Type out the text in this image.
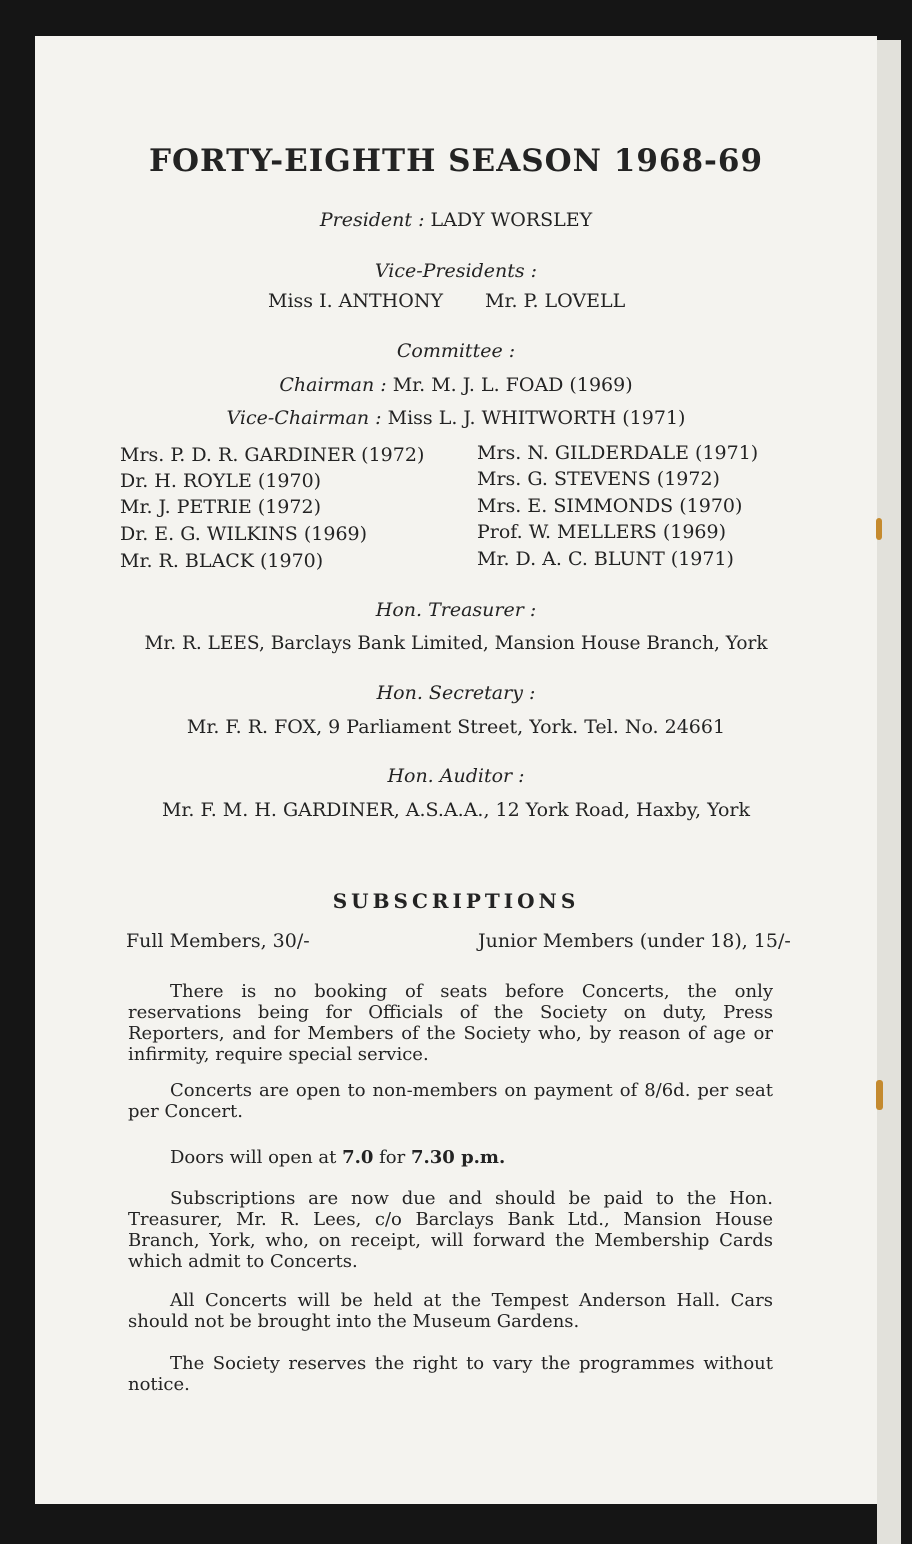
FORTY-EIGHTH SEASON 1968-69
President : LADY WORSLEY
Vice-Presidents :
Miss I. ANTHONY Mr. P. LOVELL
Committee :
Chairman : Mr. M. J. L. FOAD (1969)
Vice-Chairman : Miss L. J. WHITWORTH (1971)
Mrs. P. D. R. GARDINER (1972)
Dr. H. ROYLE (1970)
Mr. J. PETRIE (1972)
Dr. E. G. WILKINS (1969)
Mr. R. BLACK (1970)
Mrs. N. GILDERDALE (1971)
Mrs. G. STEVENS (1972)
Mrs. E. SIMMONDS (1970)
Prof. W. MELLERS (1969)
Mr. D. A. C. BLUNT (1971)
Hon. Treasurer :
Mr. R. LEES, Barclays Bank Limited, Mansion House Branch, York
Hon. Secretary :
Mr. F. R. FOX, 9 Parliament Street, York. Tel. No. 24661
Hon. Auditor :
Mr. F. M. H. GARDINER, A.S.A.A., 12 York Road, Haxby, York
SUBSCRIPTIONS
Full Members, 30/-	Junior Members (under 18), 15/-
There is no booking of seats before Concerts, the only reservations being for Officials of the Society on duty, Press Reporters, and for Members of the Society who, by reason of age or infirmity, require special service.
Concerts are open to non-members on payment of 8/6d. per seat per Concert.
Doors will open at 7.0 for 7.30 p.m.
Subscriptions are now due and should be paid to the Hon. Treasurer, Mr. R. Lees, c/o Barclays Bank Ltd., Mansion House Branch, York, who, on receipt, will forward the Membership Cards which admit to Concerts.
All Concerts will be held at the Tempest Anderson Hall. Cars should not be brought into the Museum Gardens.
The Society reserves the right to vary the programmes without notice.
